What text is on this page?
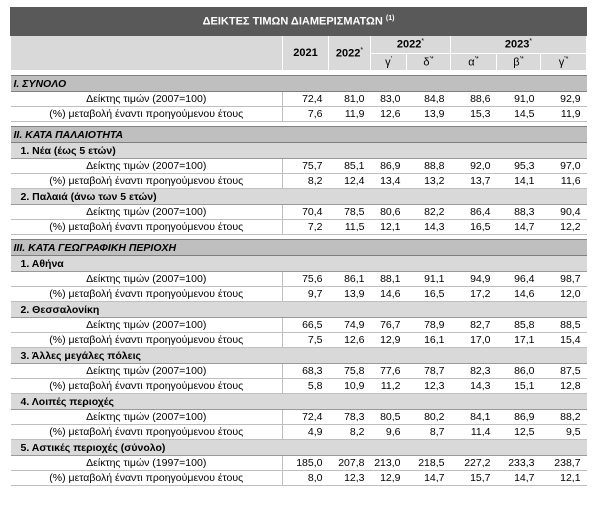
ΔΕΙΚΤΕΣ ΤΙΜΩΝ ΔΙΑΜΕΡΙΣΜΑΤΩΝ $^{(1)}$
	2021	2022*	2022*		2023*
			γ'	δ'*	α'*	β'*	γ'*

I. ΣΥΝΟΛΟ							
Δείκτης τιμών (2007=100)	72,4	81,0	83,0	84,8	88,6	91,0	92,9
(%) μεταβολή έναντι προηγούμενου έτους	7,6	11,9	12,6	13,9	15,3	14,5	11,9

II. ΚΑΤΑ ΠΑΛΑΙΟΤΗΤΑ							
1. Νέα (έως 5 ετών)							
Δείκτης τιμών (2007=100)	75,7	85,1	86,9	88,8	92,0	95,3	97,0
(%) μεταβολή έναντι προηγούμενου έτους	8,2	12,4	13,4	13,2	13,7	14,1	11,6
2. Παλαιά (άνω των 5 ετών)							
Δείκτης τιμών (2007=100)	70,4	78,5	80,6	82,2	86,4	88,3	90,4
(%) μεταβολή έναντι προηγούμενου έτους	7,2	11,5	12,1	14,3	16,5	14,7	12,2

III. ΚΑΤΑ ΓΕΩΓΡΑΦΙΚΗ ΠΕΡΙΟΧΗ							
1. Αθήνα							
Δείκτης τιμών (2007=100)	75,6	86,1	88,1	91,1	94,9	96,4	98,7
(%) μεταβολή έναντι προηγούμενου έτους	9,7	13,9	14,6	16,5	17,2	14,6	12,0
2. Θεσσαλονίκη							
Δείκτης τιμών (2007=100)	66,5	74,9	76,7	78,9	82,7	85,8	88,5
(%) μεταβολή έναντι προηγούμενου έτους	7,5	12,6	12,9	16,1	17,0	17,1	15,4
3. Άλλες μεγάλες πόλεις							
Δείκτης τιμών (2007=100)	68,3	75,8	77,6	78,7	82,3	86,0	87,5
(%) μεταβολή έναντι προηγούμενου έτους	5,8	10,9	11,2	12,3	14,3	15,1	12,8
4. Λοιπές περιοχές							
Δείκτης τιμών (2007=100)	72,4	78,3	80,5	80,2	84,1	86,9	88,2
(%) μεταβολή έναντι προηγούμενου έτους	4,9	8,2	9,6	8,7	11,4	12,5	9,5
5. Αστικές περιοχές (σύνολο)							
Δείκτης τιμών (1997=100)	185,0	207,8	213,0	218,5	227,2	233,3	238,7
(%) μεταβολή έναντι προηγούμενου έτους	8,0	12,3	12,9	14,7	15,7	14,7	12,1
